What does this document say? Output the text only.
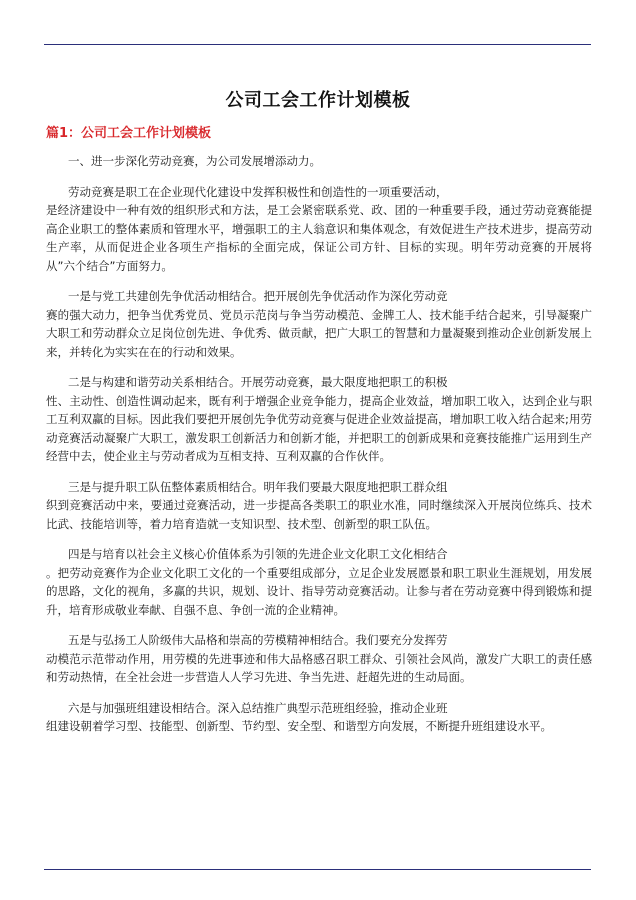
公司工会工作计划模板
篇1：公司工会工作计划模板
一、进一步深化劳动竞赛，为公司发展增添动力。
劳动竞赛是职工在企业现代化建设中发挥积极性和创造性的一项重要活动，
是经济建设中一种有效的组织形式和方法，是工会紧密联系党、政、团的一种重要手段，通过劳动竞赛能提高企业职工的整体素质和管理水平，增强职工的主人翁意识和集体观念，有效促进生产技术进步，提高劳动生产率，从而促进企业各项生产指标的全面完成，保证公司方针、目标的实现。明年劳动竞赛的开展将从”六个结合”方面努力。
一是与党工共建创先争优活动相结合。把开展创先争优活动作为深化劳动竞
赛的强大动力，把争当优秀党员、党员示范岗与争当劳动模范、金牌工人、技术能手结合起来，引导凝聚广大职工和劳动群众立足岗位创先进、争优秀、做贡献，把广大职工的智慧和力量凝聚到推动企业创新发展上来，并转化为实实在在的行动和效果。
二是与构建和谐劳动关系相结合。开展劳动竞赛，最大限度地把职工的积极
性、主动性、创造性调动起来，既有利于增强企业竞争能力，提高企业效益，增加职工收入，达到企业与职工互利双赢的目标。因此我们要把开展创先争优劳动竞赛与促进企业效益提高，增加职工收入结合起来;用劳动竞赛活动凝聚广大职工，激发职工创新活力和创新才能，并把职工的创新成果和竞赛技能推广运用到生产经营中去，使企业主与劳动者成为互相支持、互利双赢的合作伙伴。
三是与提升职工队伍整体素质相结合。明年我们要最大限度地把职工群众组
织到竞赛活动中来，要通过竞赛活动，进一步提高各类职工的职业水准，同时继续深入开展岗位练兵、技术比武、技能培训等，着力培育造就一支知识型、技术型、创新型的职工队伍。
四是与培育以社会主义核心价值体系为引领的先进企业文化职工文化相结合
。把劳动竞赛作为企业文化职工文化的一个重要组成部分，立足企业发展愿景和职工职业生涯规划，用发展的思路，文化的视角，多赢的共识，规划、设计、指导劳动竞赛活动。让参与者在劳动竞赛中得到锻炼和提升，培育形成敬业奉献、自强不息、争创一流的企业精神。
五是与弘扬工人阶级伟大品格和崇高的劳模精神相结合。我们要充分发挥劳
动模范示范带动作用，用劳模的先进事迹和伟大品格感召职工群众、引领社会风尚，激发广大职工的责任感和劳动热情，在全社会进一步营造人人学习先进、争当先进、赶超先进的生动局面。
六是与加强班组建设相结合。深入总结推广典型示范班组经验，推动企业班
组建设朝着学习型、技能型、创新型、节约型、安全型、和谐型方向发展，不断提升班组建设水平。
